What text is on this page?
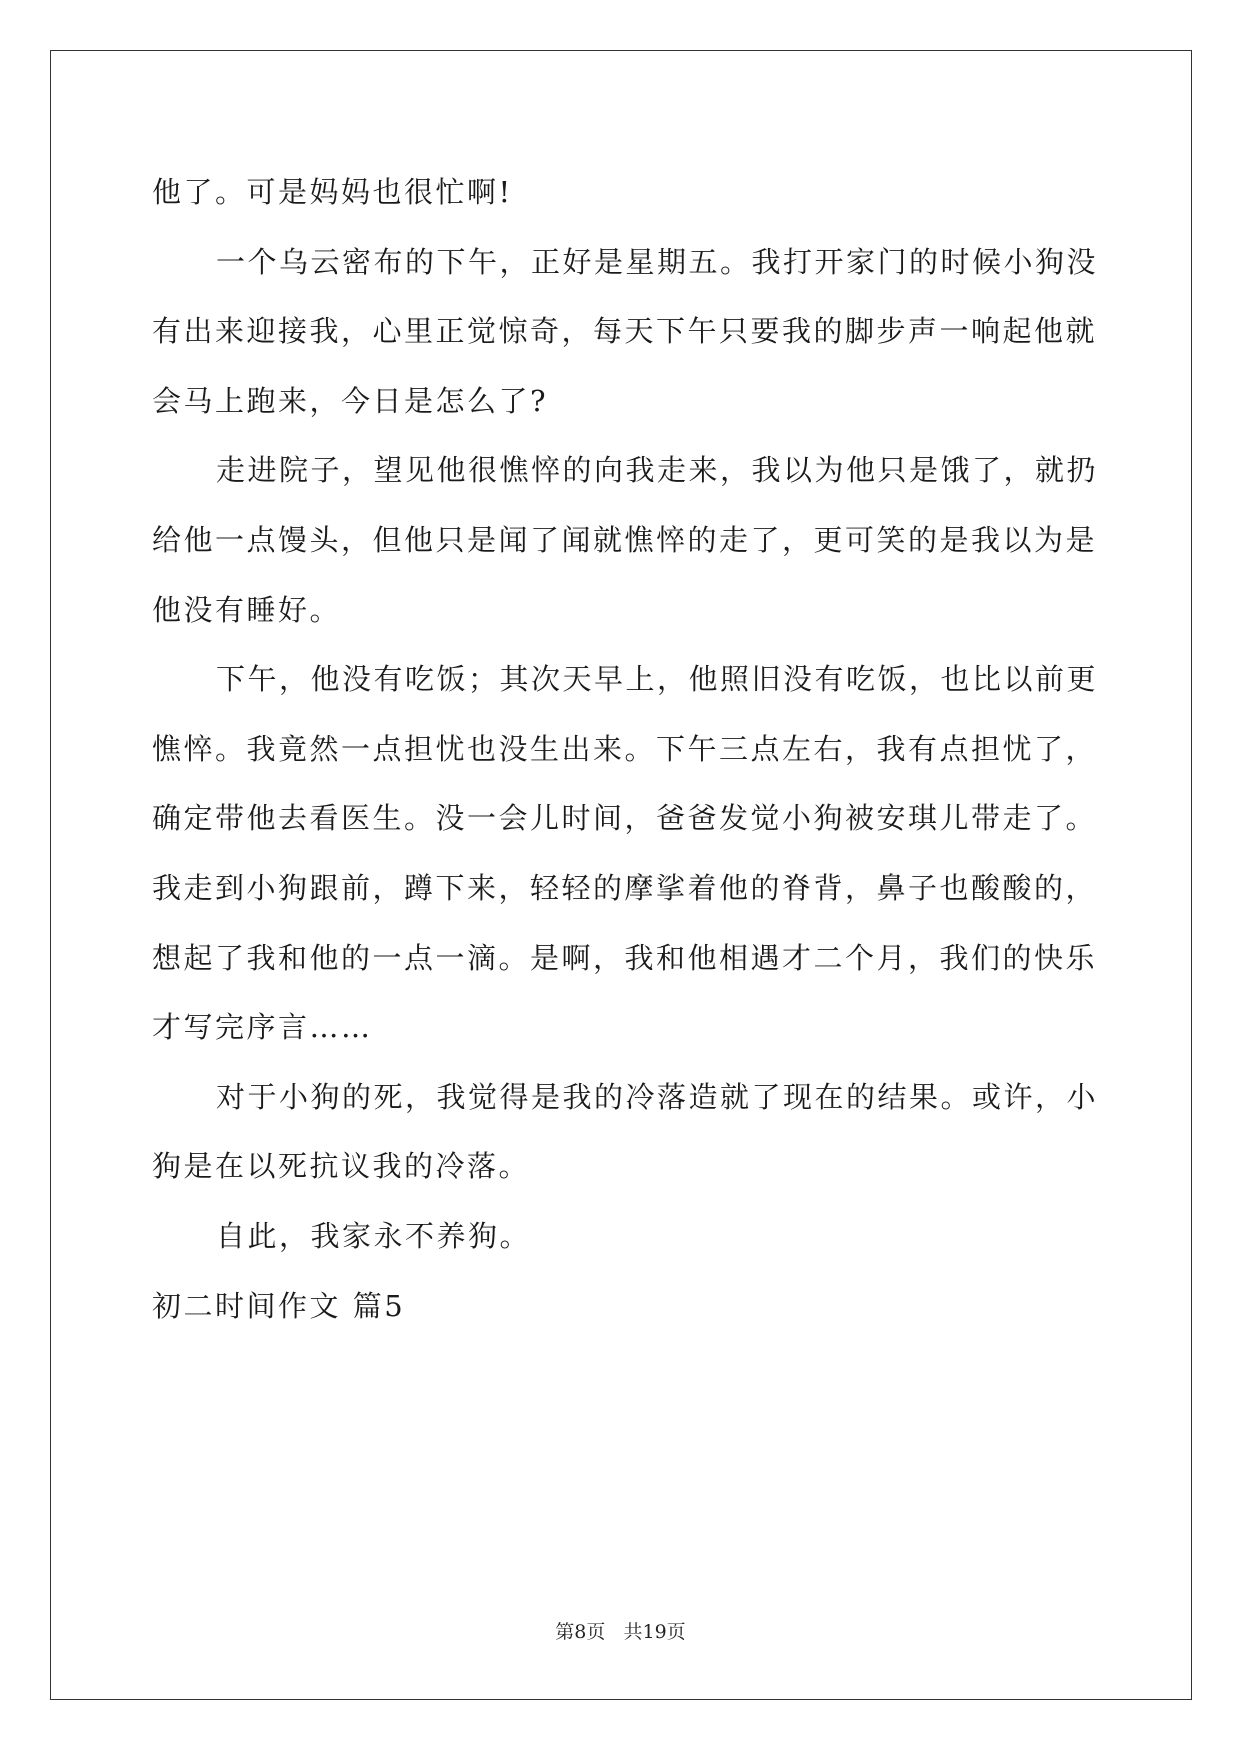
他了。可是妈妈也很忙啊!
一个乌云密布的下午，正好是星期五。我打开家门的时候小狗没
有出来迎接我，心里正觉惊奇，每天下午只要我的脚步声一响起他就
会马上跑来，今日是怎么了?
走进院子，望见他很憔悴的向我走来，我以为他只是饿了，就扔
给他一点馒头，但他只是闻了闻就憔悴的走了，更可笑的是我以为是
他没有睡好。
下午，他没有吃饭；其次天早上，他照旧没有吃饭，也比以前更
憔悴。我竟然一点担忧也没生出来。下午三点左右，我有点担忧了，
确定带他去看医生。没一会儿时间，爸爸发觉小狗被安琪儿带走了。
我走到小狗跟前，蹲下来，轻轻的摩挲着他的脊背，鼻子也酸酸的，
想起了我和他的一点一滴。是啊，我和他相遇才二个月，我们的快乐
才写完序言……
对于小狗的死，我觉得是我的冷落造就了现在的结果。或许，小
狗是在以死抗议我的冷落。
自此，我家永不养狗。
初二时间作文 篇5
第8页   共19页
